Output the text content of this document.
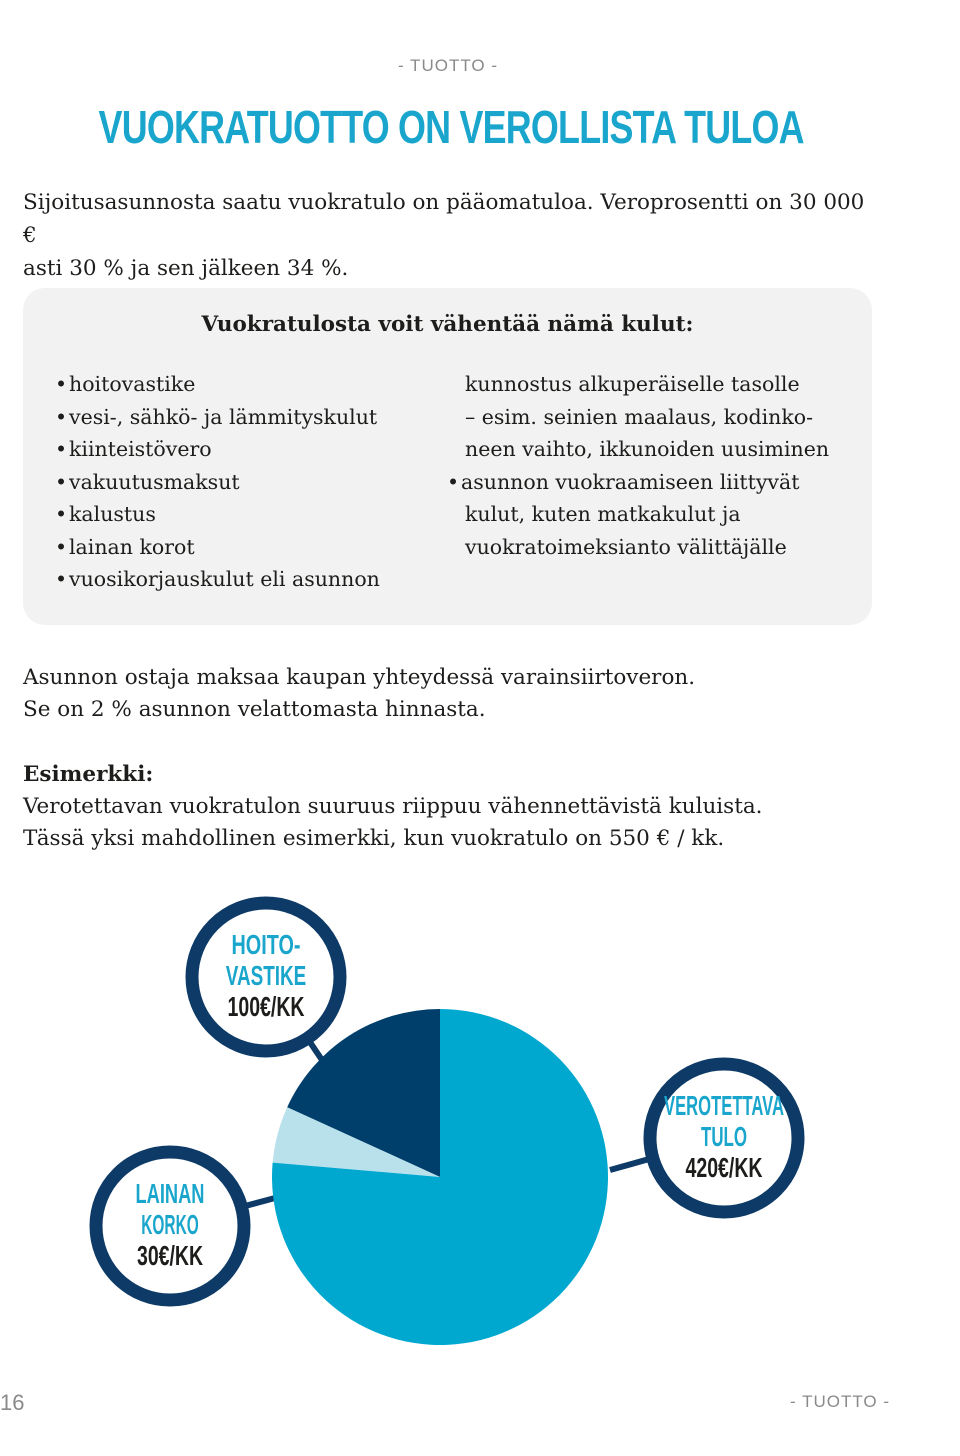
- TUOTTO -
VUOKRATUOTTO ON VEROLLISTA TULOA
Sijoitusasunnosta saatu vuokratulo on pääomatuloa. Veroprosentti on 30 000 €
asti 30 % ja sen jälkeen 34 %.
Vuokratulosta voit vähentää nämä kulut:
•hoitovastike
•vesi-, sähkö- ja lämmityskulut
•kiinteistövero
•vakuutusmaksut
•kalustus
•lainan korot
•vuosikorjauskulut eli asunnon
kunnostus alkuperäiselle tasolle
– esim. seinien maalaus, kodinko-
neen vaihto, ikkunoiden uusiminen
•asunnon vuokraamiseen liittyvät
kulut, kuten matkakulut ja
vuokratoimeksianto välittäjälle
Asunnon ostaja maksaa kaupan yhteydessä varainsiirtoveron.
Se on 2 % asunnon velattomasta hinnasta.
Esimerkki:
Verotettavan vuokratulon suuruus riippuu vähennettävistä kuluista.
Tässä yksi mahdollinen esimerkki, kun vuokratulo on 550 € / kk.
HOITO-
VASTIKE
100€/KK
LAINAN
KORKO
30€/KK
VEROTETTAVA
TULO
420€/KK
16	- TUOTTO -
